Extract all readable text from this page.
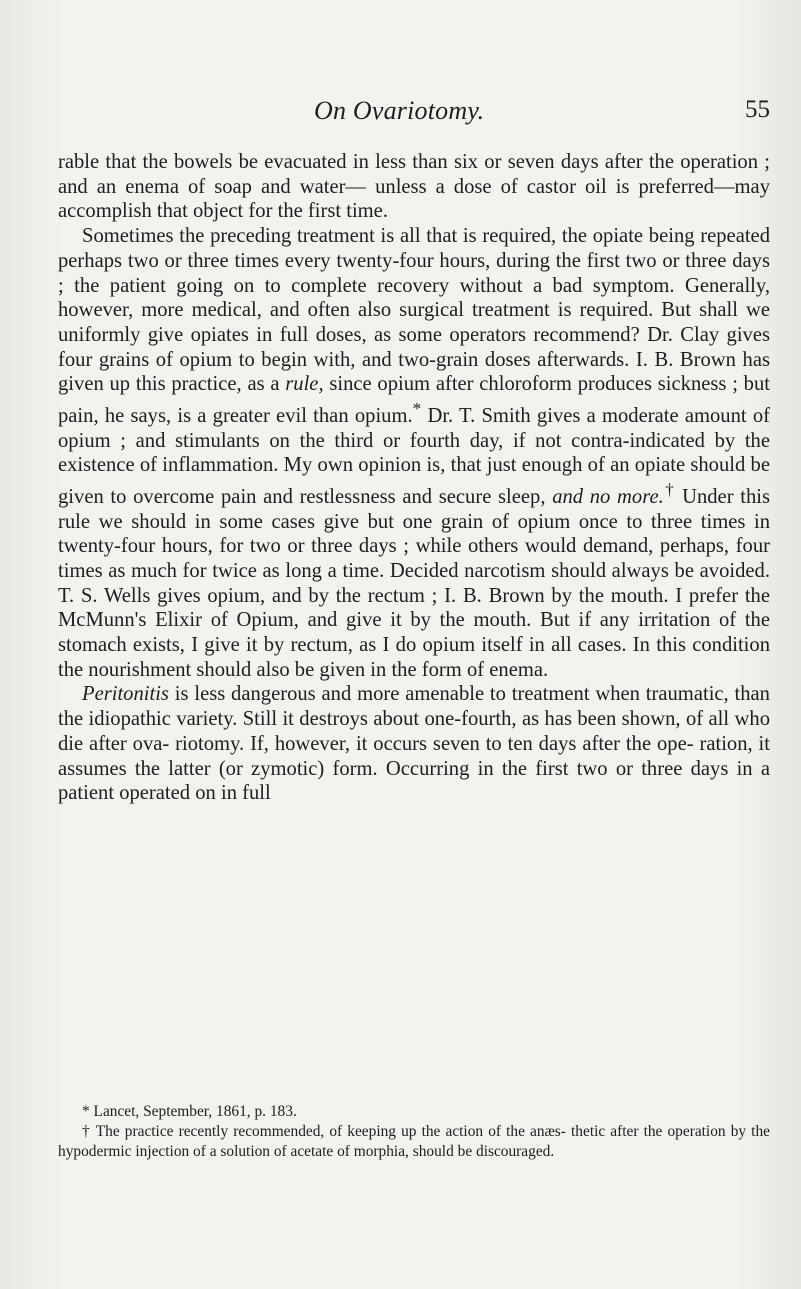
On Ovariotomy.	55

rable that the bowels be evacuated in less than six or seven days after the operation ; and an enema of soap and water— unless a dose of castor oil is preferred—may accomplish that object for the first time.

Sometimes the preceding treatment is all that is required, the opiate being repeated perhaps two or three times every twenty-four hours, during the first two or three days ; the patient going on to complete recovery without a bad symptom. Generally, however, more medical, and often also surgical treatment is required. But shall we uniformly give opiates in full doses, as some operators recommend? Dr. Clay gives four grains of opium to begin with, and two-grain doses afterwards. I. B. Brown has given up this practice, as a rule, since opium after chloroform produces sickness ; but pain, he says, is a greater evil than opium.* Dr. T. Smith gives a moderate amount of opium ; and stimulants on the third or fourth day, if not contra-indicated by the existence of inflammation. My own opinion is, that just enough of an opiate should be given to overcome pain and restlessness and secure sleep, and no more.† Under this rule we should in some cases give but one grain of opium once to three times in twenty-four hours, for two or three days ; while others would demand, perhaps, four times as much for twice as long a time. Decided narcotism should always be avoided. T. S. Wells gives opium, and by the rectum ; I. B. Brown by the mouth. I prefer the McMunn's Elixir of Opium, and give it by the mouth. But if any irritation of the stomach exists, I give it by rectum, as I do opium itself in all cases. In this condition the nourishment should also be given in the form of enema.

Peritonitis is less dangerous and more amenable to treatment when traumatic, than the idiopathic variety. Still it destroys about one-fourth, as has been shown, of all who die after ova- riotomy. If, however, it occurs seven to ten days after the ope- ration, it assumes the latter (or zymotic) form. Occurring in the first two or three days in a patient operated on in full

* Lancet, September, 1861, p. 183.

† The practice recently recommended, of keeping up the action of the anæs- thetic after the operation by the hypodermic injection of a solution of acetate of morphia, should be discouraged.
